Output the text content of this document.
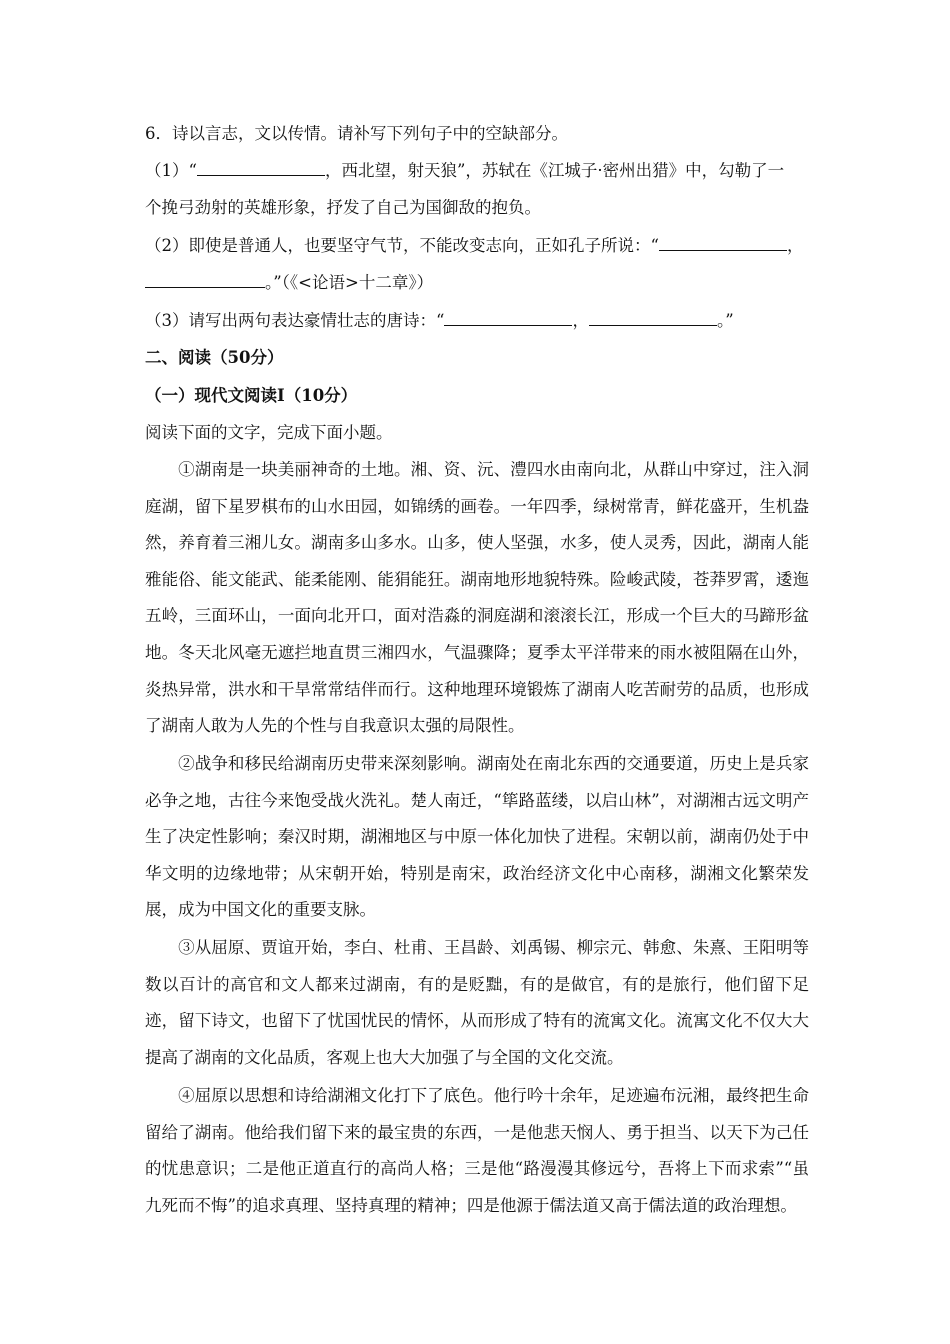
6．诗以言志，文以传情。请补写下列句子中的空缺部分。
（1）“	，西北望，射天狼”，苏轼在《江城子·密州出猎》中，勾勒了一
个挽弓劲射的英雄形象，抒发了自己为国御敌的抱负。
（2）即使是普通人，也要坚守气节，不能改变志向，正如孔子所说：“	，
。”（《<论语>十二章》）
（3）请写出两句表达豪情壮志的唐诗：“	，	。”
二、阅读（50分）
（一）现代文阅读Ⅰ（10分）
阅读下面的文字，完成下面小题。
①湖南是一块美丽神奇的土地。湘、资、沅、澧四水由南向北，从群山中穿过，注入洞庭湖，留下星罗棋布的山水田园，如锦绣的画卷。一年四季，绿树常青，鲜花盛开，生机盎然，养育着三湘儿女。湖南多山多水。山多，使人坚强，水多，使人灵秀，因此，湖南人能雅能俗、能文能武、能柔能刚、能狷能狂。湖南地形地貌特殊。险峻武陵，苍莽罗霄，逶迤五岭，三面环山，一面向北开口，面对浩淼的洞庭湖和滚滚长江，形成一个巨大的马蹄形盆地。冬天北风毫无遮拦地直贯三湘四水，气温骤降；夏季太平洋带来的雨水被阻隔在山外，炎热异常，洪水和干旱常常结伴而行。这种地理环境锻炼了湖南人吃苦耐劳的品质，也形成了湖南人敢为人先的个性与自我意识太强的局限性。
②战争和移民给湖南历史带来深刻影响。湖南处在南北东西的交通要道，历史上是兵家必争之地，古往今来饱受战火洗礼。楚人南迁，“筚路蓝缕，以启山林”，对湖湘古远文明产生了决定性影响；秦汉时期，湖湘地区与中原一体化加快了进程。宋朝以前，湖南仍处于中华文明的边缘地带；从宋朝开始，特别是南宋，政治经济文化中心南移，湖湘文化繁荣发展，成为中国文化的重要支脉。
③从屈原、贾谊开始，李白、杜甫、王昌龄、刘禹锡、柳宗元、韩愈、朱熹、王阳明等数以百计的高官和文人都来过湖南，有的是贬黜，有的是做官，有的是旅行，他们留下足迹，留下诗文，也留下了忧国忧民的情怀，从而形成了特有的流寓文化。流寓文化不仅大大提高了湖南的文化品质，客观上也大大加强了与全国的文化交流。
④屈原以思想和诗给湖湘文化打下了底色。他行吟十余年，足迹遍布沅湘，最终把生命留给了湖南。他给我们留下来的最宝贵的东西，一是他悲天悯人、勇于担当、以天下为己任的忧患意识；二是他正道直行的高尚人格；三是他“路漫漫其修远兮，吾将上下而求索”“虽九死而不悔”的追求真理、坚持真理的精神；四是他源于儒法道又高于儒法道的政治理想。
